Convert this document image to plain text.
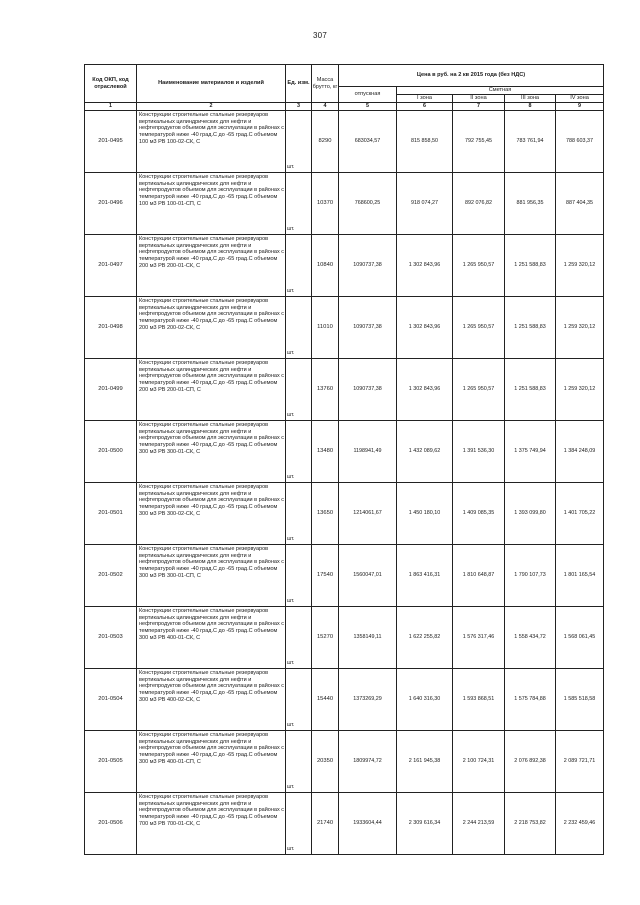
307
Код ОКП, код отраслевой	Наименование материалов и изделий	Ед. изм.	Масса брутто, кг	Цена в руб. на 2 кв 2015 года (без НДС)				
				отпускная	Сметная			
					I зона	II зона	III зона	IV зона
1	2	3	4	5	6	7	8	9
201-0495	Конструкции строительные стальные резервуаров вертикальных цилиндрических для нефти и нефтепродуктов объемом для эксплуатации в районах с температурой ниже -40 град.С до -65 град.С объемом 100 м3 РВ 100-02-СК, С	шт.	8290	683034,57	815 858,50	792 755,45	783 761,94	788 603,37
201-0496	Конструкции строительные стальные резервуаров вертикальных цилиндрических для нефти и нефтепродуктов объемом для эксплуатации в районах с температурой ниже -40 град.С до -65 град.С объемом 100 м3 РВ 100-01-СП, С	шт.	10370	768600,25	918 074,27	892 076,82	881 956,35	887 404,35
201-0497	Конструкции строительные стальные резервуаров вертикальных цилиндрических для нефти и нефтепродуктов объемом для эксплуатации в районах с температурой ниже -40 град.С до -65 град.С объемом 200 м3 РВ 200-01-СК, С	шт.	10840	1090737,38	1 302 843,96	1 265 950,57	1 251 588,83	1 259 320,12
201-0498	Конструкции строительные стальные резервуаров вертикальных цилиндрических для нефти и нефтепродуктов объемом для эксплуатации в районах с температурой ниже -40 град.С до -65 град.С объемом 200 м3 РВ 200-02-СК, С	шт.	11010	1090737,38	1 302 843,96	1 265 950,57	1 251 588,83	1 259 320,12
201-0499	Конструкции строительные стальные резервуаров вертикальных цилиндрических для нефти и нефтепродуктов объемом для эксплуатации в районах с температурой ниже -40 град.С до -65 град.С объемом 200 м3 РВ 200-01-СП, С	шт.	13760	1090737,38	1 302 843,96	1 265 950,57	1 251 588,83	1 259 320,12
201-0500	Конструкции строительные стальные резервуаров вертикальных цилиндрических для нефти и нефтепродуктов объемом для эксплуатации в районах с температурой ниже -40 град.С до -65 град.С объемом 300 м3 РВ 300-01-СК, С	шт.	13480	1198941,49	1 432 089,62	1 391 536,30	1 375 749,94	1 384 248,09
201-0501	Конструкции строительные стальные резервуаров вертикальных цилиндрических для нефти и нефтепродуктов объемом для эксплуатации в районах с температурой ниже -40 град.С до -65 град.С объемом 300 м3 РВ 300-02-СК, С	шт.	13650	1214061,67	1 450 180,10	1 409 085,35	1 393 099,80	1 401 705,22
201-0502	Конструкции строительные стальные резервуаров вертикальных цилиндрических для нефти и нефтепродуктов объемом для эксплуатации в районах с температурой ниже -40 град.С до -65 град.С объемом 300 м3 РВ 300-01-СП, С	шт.	17540	1560047,01	1 863 416,31	1 810 648,87	1 790 107,73	1 801 165,54
201-0503	Конструкции строительные стальные резервуаров вертикальных цилиндрических для нефти и нефтепродуктов объемом для эксплуатации в районах с температурой ниже -40 град.С до -65 град.С объемом 300 м3 РВ 400-01-СК, С	шт.	15270	1358149,11	1 622 255,82	1 576 317,46	1 558 434,72	1 568 061,45
201-0504	Конструкции строительные стальные резервуаров вертикальных цилиндрических для нефти и нефтепродуктов объемом для эксплуатации в районах с температурой ниже -40 град.С до -65 град.С объемом 300 м3 РВ 400-02-СК, С	шт.	15440	1373269,29	1 640 316,30	1 593 868,51	1 575 784,88	1 585 518,58
201-0505	Конструкции строительные стальные резервуаров вертикальных цилиндрических для нефти и нефтепродуктов объемом для эксплуатации в районах с температурой ниже -40 град.С до -65 град.С объемом 300 м3 РВ 400-01-СП, С	шт.	20350	1809974,72	2 161 945,38	2 100 724,31	2 076 892,38	2 089 721,71
201-0506	Конструкции строительные стальные резервуаров вертикальных цилиндрических для нефти и нефтепродуктов объемом для эксплуатации в районах с температурой ниже -40 град.С до -65 град.С объемом 700 м3 РВ 700-01-СК, С	шт.	21740	1933604,44	2 309 616,34	2 244 213,59	2 218 753,82	2 232 459,46
